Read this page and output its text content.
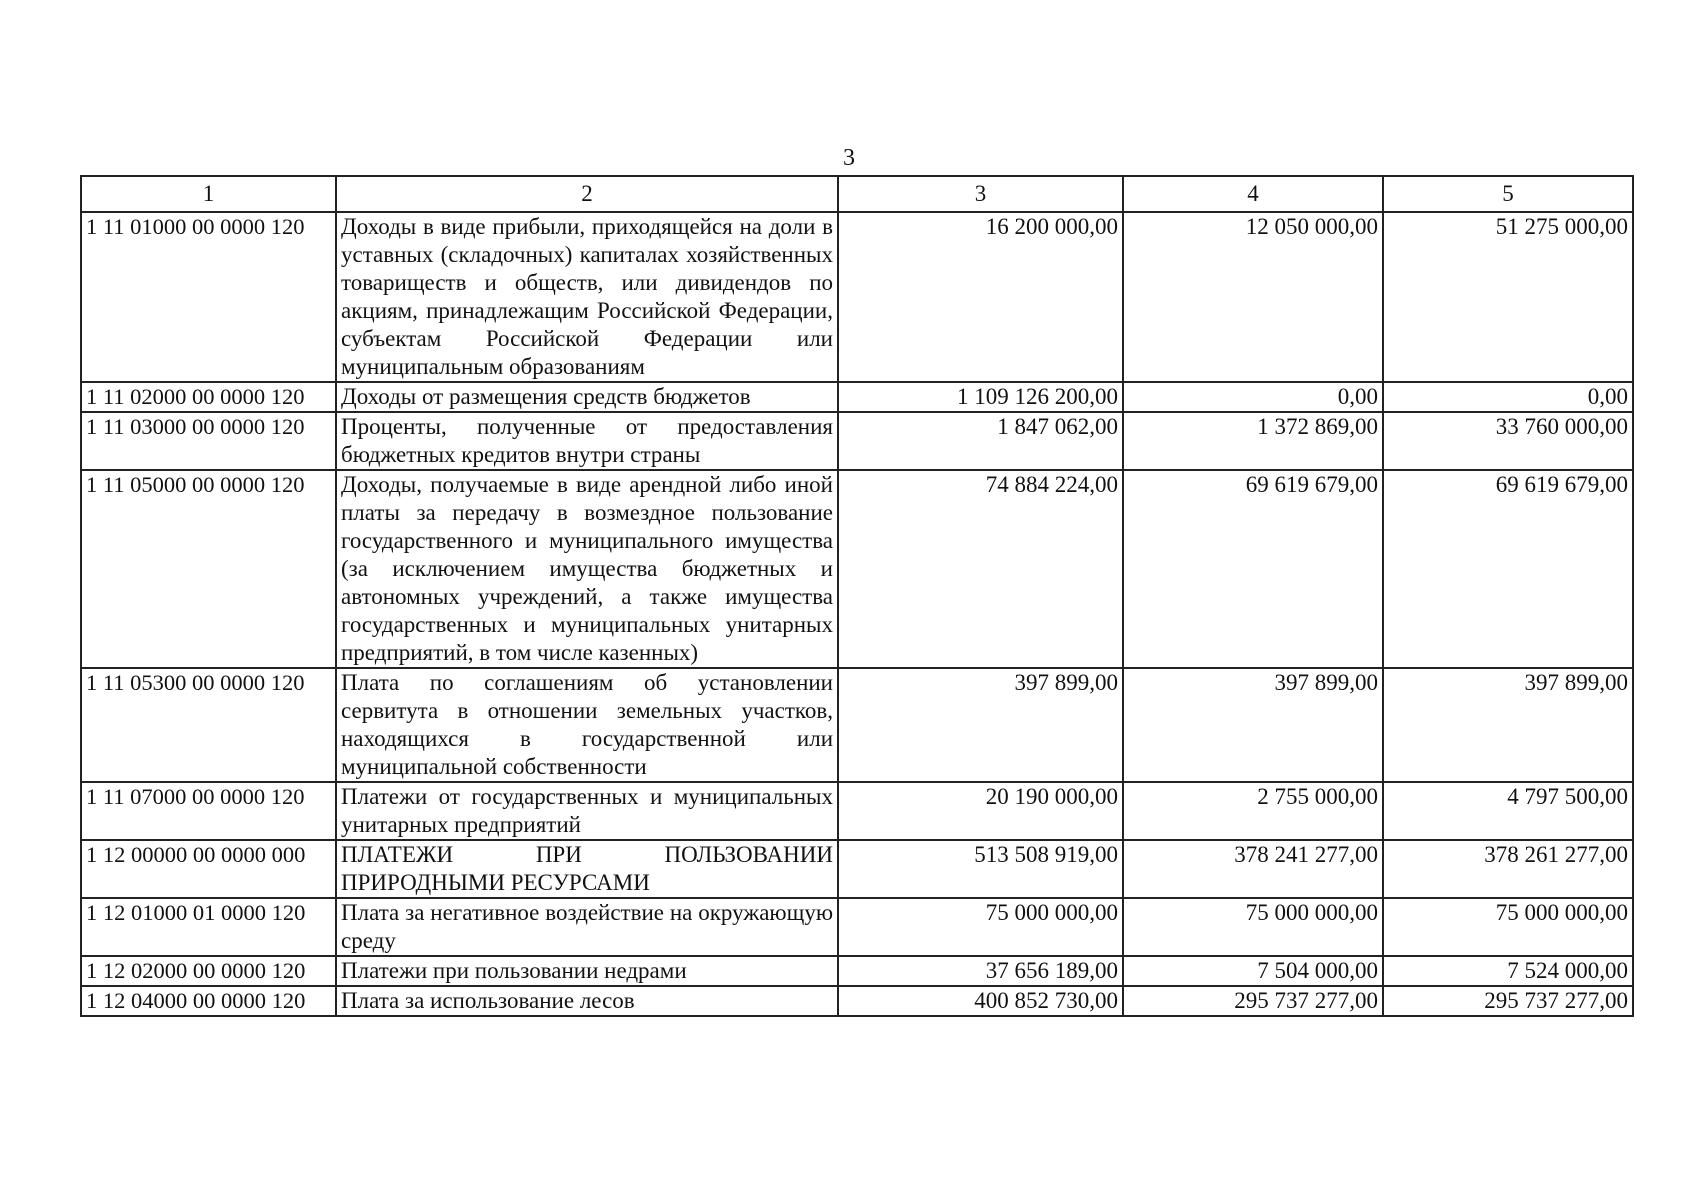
3
1	2	3	4	5
1 11 01000 00 0000 120	Доходы в виде прибыли, приходящейся на доли в уставных (складочных) капиталах хозяйственных товариществ и обществ, или дивидендов по акциям, принадлежащим Российской Федерации, субъектам Российской Федерации или муниципальным образованиям	16 200 000,00	12 050 000,00	51 275 000,00
1 11 02000 00 0000 120	Доходы от размещения средств бюджетов	1 109 126 200,00	0,00	0,00
1 11 03000 00 0000 120	Проценты, полученные от предоставления бюджетных кредитов внутри страны	1 847 062,00	1 372 869,00	33 760 000,00
1 11 05000 00 0000 120	Доходы, получаемые в виде арендной либо иной платы за передачу в возмездное пользование государственного и муниципального имущества (за исключением имущества бюджетных и автономных учреждений, а также имущества государственных и муниципальных унитарных предприятий, в том числе казенных)	74 884 224,00	69 619 679,00	69 619 679,00
1 11 05300 00 0000 120	Плата по соглашениям об установлении сервитута в отношении земельных участков, находящихся в государственной или муниципальной собственности	397 899,00	397 899,00	397 899,00
1 11 07000 00 0000 120	Платежи от государственных и муниципальных унитарных предприятий	20 190 000,00	2 755 000,00	4 797 500,00
1 12 00000 00 0000 000	ПЛАТЕЖИ ПРИ ПОЛЬЗОВАНИИ ПРИРОДНЫМИ РЕСУРСАМИ	513 508 919,00	378 241 277,00	378 261 277,00
1 12 01000 01 0000 120	Плата за негативное воздействие на окружающую среду	75 000 000,00	75 000 000,00	75 000 000,00
1 12 02000 00 0000 120	Платежи при пользовании недрами	37 656 189,00	7 504 000,00	7 524 000,00
1 12 04000 00 0000 120	Плата за использование лесов	400 852 730,00	295 737 277,00	295 737 277,00
